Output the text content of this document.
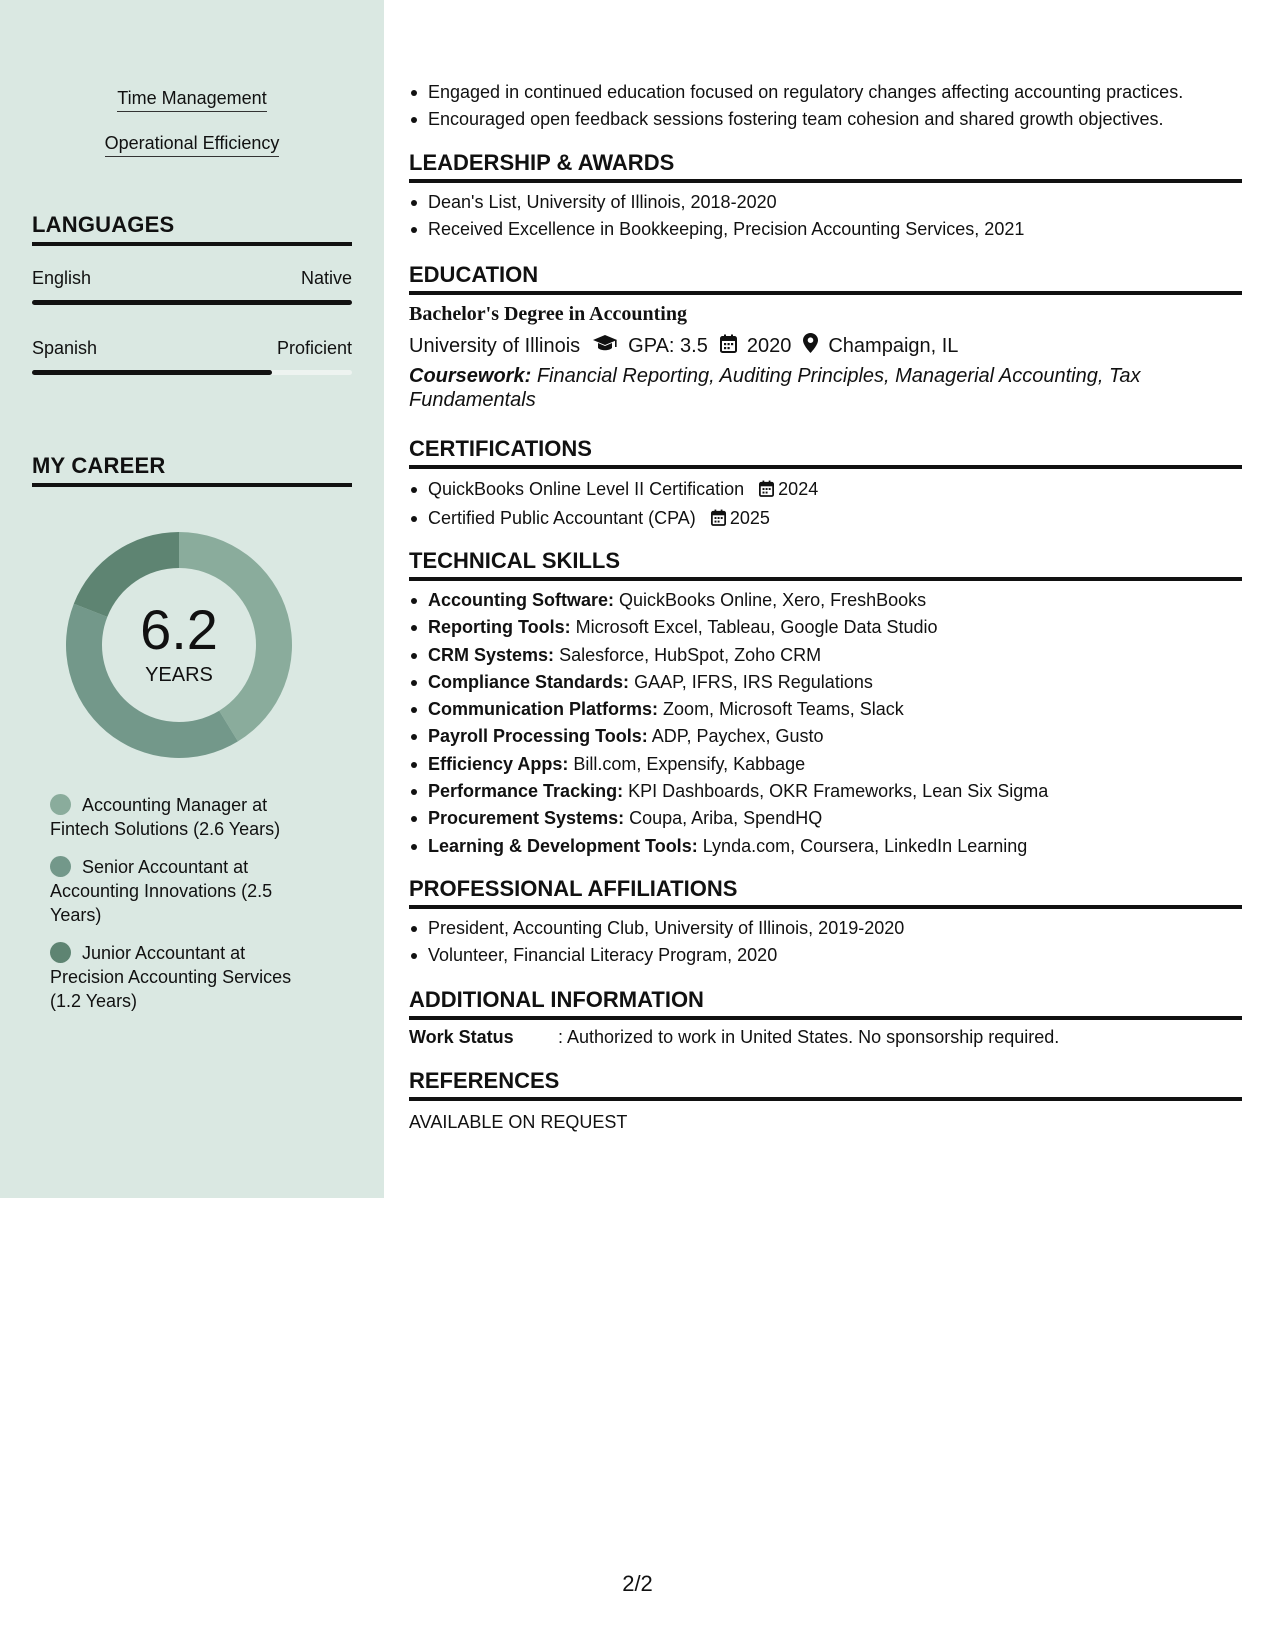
Time Management
Operational Efficiency
LANGUAGES
English	Native
Spanish	Proficient
MY CAREER
6.2
YEARS
Accounting Manager at Fintech Solutions (2.6 Years)
Senior Accountant at Accounting Innovations (2.5 Years)
Junior Accountant at Precision Accounting Services (1.2 Years)
Engaged in continued education focused on regulatory changes affecting accounting practices.
Encouraged open feedback sessions fostering team cohesion and shared growth objectives.
LEADERSHIP & AWARDS
Dean's List, University of Illinois, 2018-2020
Received Excellence in Bookkeeping, Precision Accounting Services, 2021
EDUCATION
Bachelor's Degree in Accounting
University of Illinois GPA: 3.5 2020 Champaign, IL
Coursework: Financial Reporting, Auditing Principles, Managerial Accounting, Tax Fundamentals
CERTIFICATIONS
QuickBooks Online Level II Certification 2024
Certified Public Accountant (CPA) 2025
TECHNICAL SKILLS
Accounting Software: QuickBooks Online, Xero, FreshBooks
Reporting Tools: Microsoft Excel, Tableau, Google Data Studio
CRM Systems: Salesforce, HubSpot, Zoho CRM
Compliance Standards: GAAP, IFRS, IRS Regulations
Communication Platforms: Zoom, Microsoft Teams, Slack
Payroll Processing Tools: ADP, Paychex, Gusto
Efficiency Apps: Bill.com, Expensify, Kabbage
Performance Tracking: KPI Dashboards, OKR Frameworks, Lean Six Sigma
Procurement Systems: Coupa, Ariba, SpendHQ
Learning & Development Tools: Lynda.com, Coursera, LinkedIn Learning
PROFESSIONAL AFFILIATIONS
President, Accounting Club, University of Illinois, 2019-2020
Volunteer, Financial Literacy Program, 2020
ADDITIONAL INFORMATION
Work Status : Authorized to work in United States. No sponsorship required.
REFERENCES
AVAILABLE ON REQUEST
2/2
